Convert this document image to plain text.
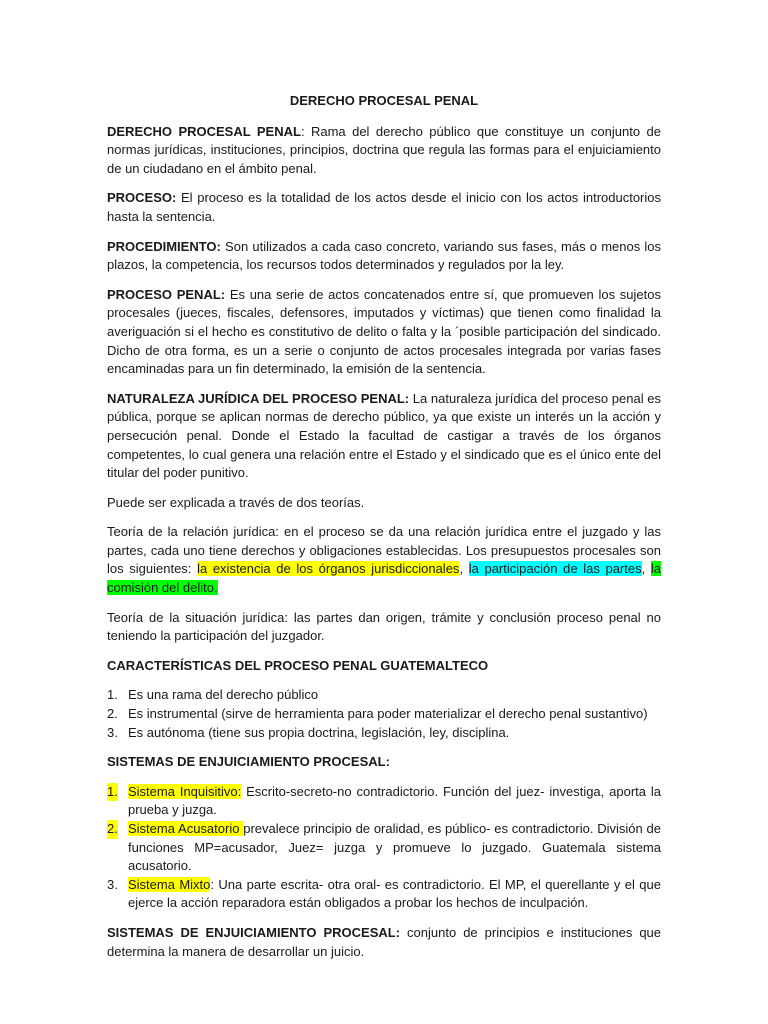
DERECHO PROCESAL PENAL

DERECHO PROCESAL PENAL: Rama del derecho público que constituye un conjunto de normas jurídicas, instituciones, principios, doctrina que regula las formas para el enjuiciamiento de un ciudadano en el ámbito penal.

PROCESO: El proceso es la totalidad de los actos desde el inicio con los actos introductorios hasta la sentencia.

PROCEDIMIENTO: Son utilizados a cada caso concreto, variando sus fases, más o menos los plazos, la competencia, los recursos todos determinados y regulados por la ley.

PROCESO PENAL: Es una serie de actos concatenados entre sí, que promueven los sujetos procesales (jueces, fiscales, defensores, imputados y víctimas) que tienen como finalidad la averiguación si el hecho es constitutivo de delito o falta y la ´posible participación del sindicado. Dicho de otra forma, es un a serie o conjunto de actos procesales integrada por varias fases encaminadas para un fin determinado, la emisión de la sentencia.

NATURALEZA JURÍDICA DEL PROCESO PENAL: La naturaleza jurídica del proceso penal es pública, porque se aplican normas de derecho público, ya que existe un interés un la acción y persecución penal. Donde el Estado la facultad de castigar a través de los órganos competentes, lo cual genera una relación entre el Estado y el sindicado que es el único ente del titular del poder punitivo.

Puede ser explicada a través de dos teorías.

Teoría de la relación jurídica: en el proceso se da una relación jurídica entre el juzgado y las partes, cada uno tiene derechos y obligaciones establecidas. Los presupuestos procesales son los siguientes: la existencia de los órganos jurisdiccionales, la participación de las partes, la comisión del delito.

Teoría de la situación jurídica: las partes dan origen, trámite y conclusión proceso penal no teniendo la participación del juzgador.

CARACTERÍSTICAS DEL PROCESO PENAL GUATEMALTECO
1. Es una rama del derecho público
2. Es instrumental (sirve de herramienta para poder materializar el derecho penal sustantivo)
3. Es autónoma (tiene sus propia doctrina, legislación, ley, disciplina.
SISTEMAS DE ENJUICIAMIENTO PROCESAL:
1. Sistema Inquisitivo: Escrito-secreto-no contradictorio. Función del juez- investiga, aporta la prueba y juzga.
2. Sistema Acusatorio prevalece principio de oralidad, es público- es contradictorio. División de funciones MP=acusador, Juez= juzga y promueve lo juzgado. Guatemala sistema acusatorio.
3. Sistema Mixto: Una parte escrita- otra oral- es contradictorio. El MP, el querellante y el que ejerce la acción reparadora están obligados a probar los hechos de inculpación.

SISTEMAS DE ENJUICIAMIENTO PROCESAL: conjunto de principios e instituciones que determina la manera de desarrollar un juicio.
